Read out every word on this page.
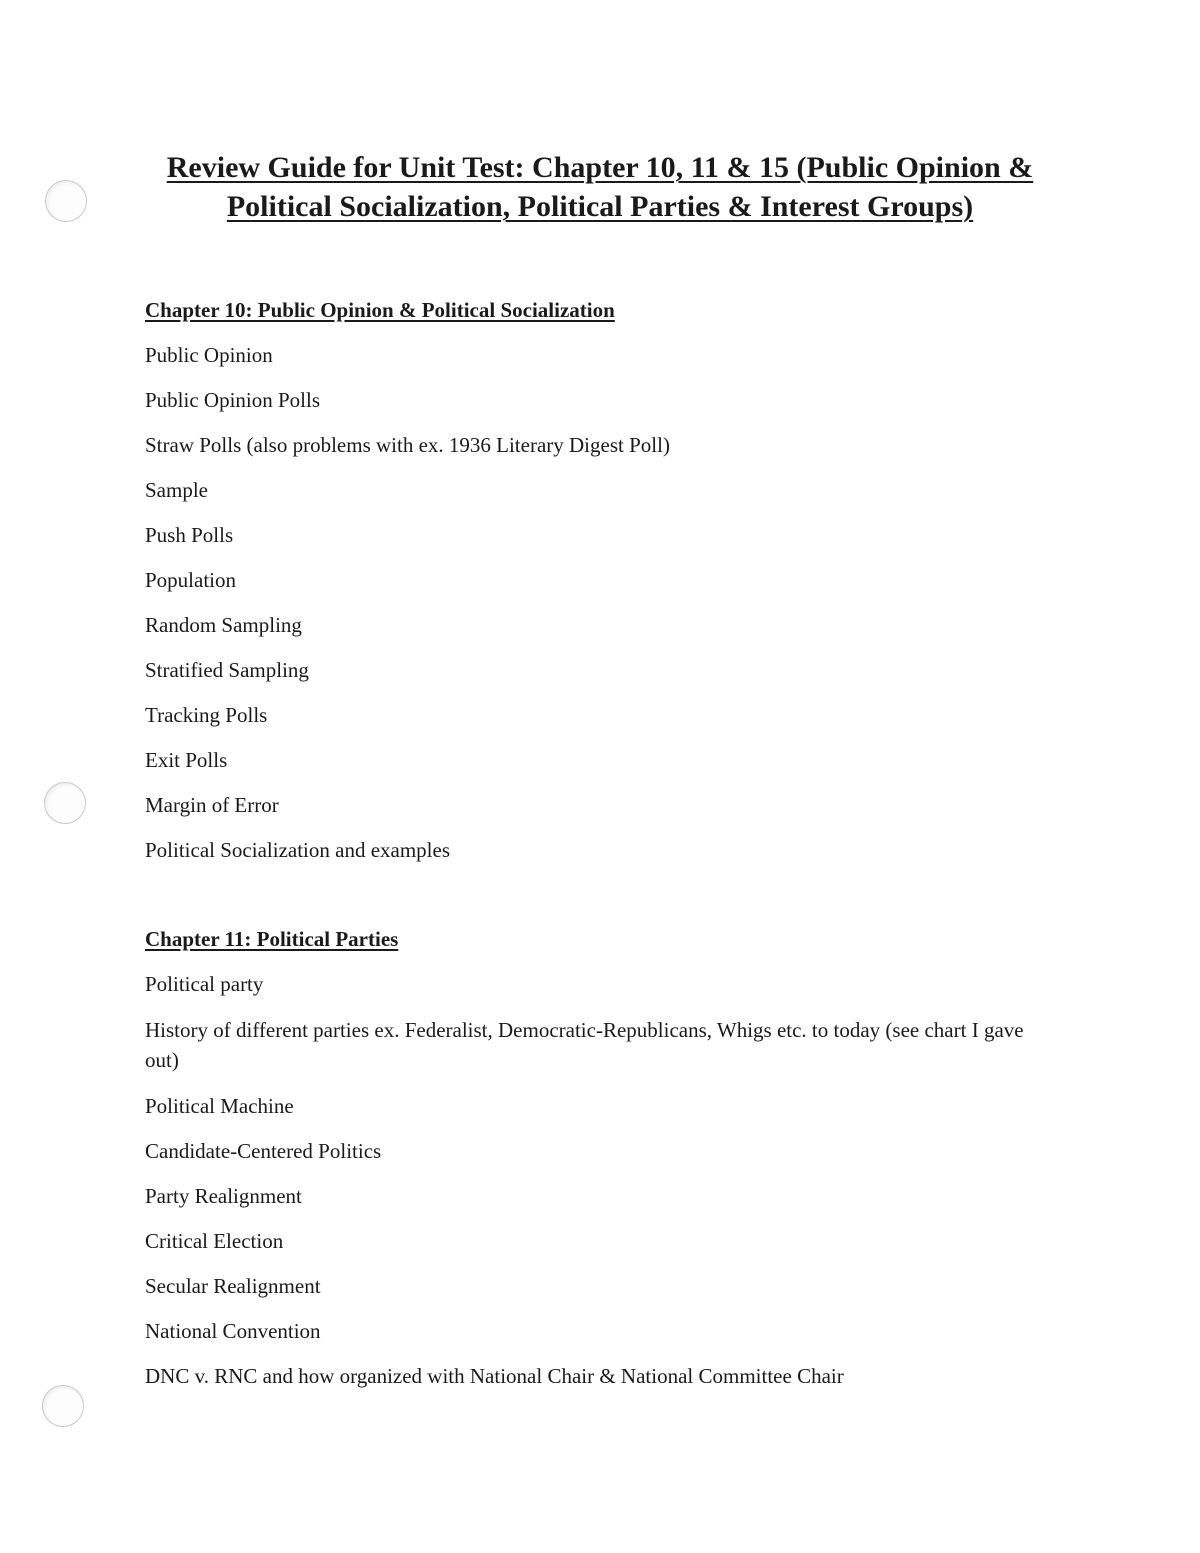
Review Guide for Unit Test: Chapter 10, 11 & 15 (Public Opinion &
Political Socialization, Political Parties & Interest Groups)

Chapter 10: Public Opinion & Political Socialization

Public Opinion

Public Opinion Polls

Straw Polls (also problems with ex. 1936 Literary Digest Poll)

Sample

Push Polls

Population

Random Sampling

Stratified Sampling

Tracking Polls

Exit Polls

Margin of Error

Political Socialization and examples

Chapter 11: Political Parties

Political party

History of different parties ex. Federalist, Democratic-Republicans, Whigs etc. to today (see chart I gave out)

Political Machine

Candidate-Centered Politics

Party Realignment

Critical Election

Secular Realignment

National Convention

DNC v. RNC and how organized with National Chair & National Committee Chair
